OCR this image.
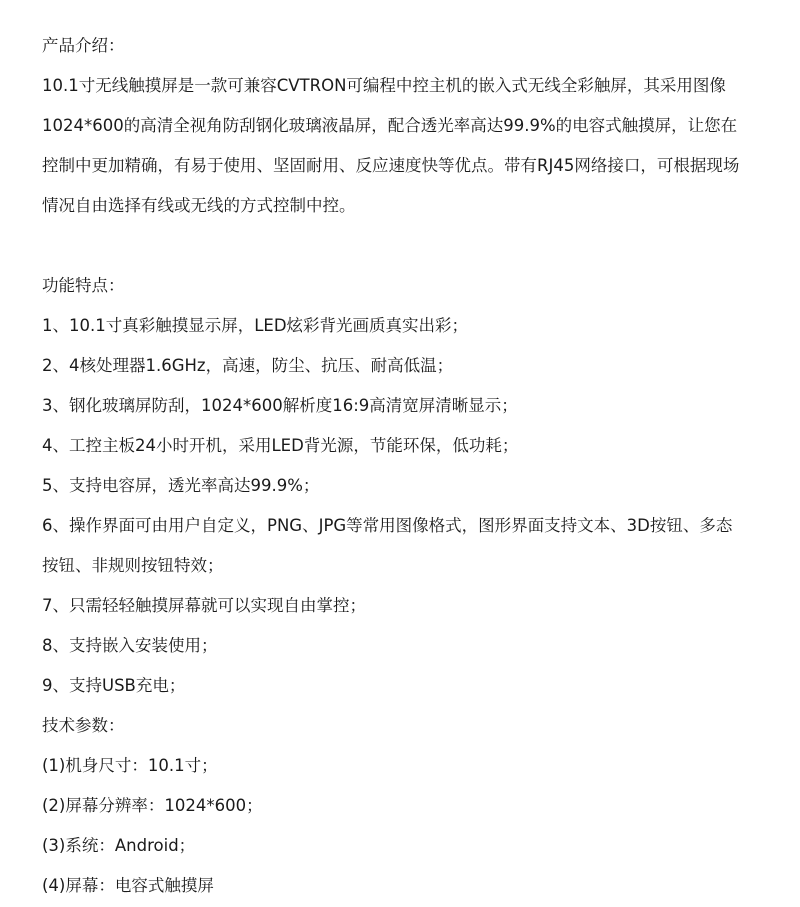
产品介绍：
10.1寸无线触摸屏是一款可兼容CVTRON可编程中控主机的嵌入式无线全彩触屏，其采用图像
1024*600的高清全视角防刮钢化玻璃液晶屏，配合透光率高达99.9%的电容式触摸屏，让您在
控制中更加精确，有易于使用、坚固耐用、反应速度快等优点。带有RJ45网络接口，可根据现场
情况自由选择有线或无线的方式控制中控。
功能特点：
1、10.1寸真彩触摸显示屏，LED炫彩背光画质真实出彩；
2、4核处理器1.6GHz，高速，防尘、抗压、耐高低温；
3、钢化玻璃屏防刮，1024*600解析度16:9高清宽屏清晰显示；
4、工控主板24小时开机，采用LED背光源，节能环保，低功耗；
5、支持电容屏，透光率高达99.9%；
6、操作界面可由用户自定义，PNG、JPG等常用图像格式，图形界面支持文本、3D按钮、多态
按钮、非规则按钮特效；
7、只需轻轻触摸屏幕就可以实现自由掌控；
8、支持嵌入安装使用；
9、支持USB充电；
技术参数：
(1)机身尺寸：10.1寸；
(2)屏幕分辨率：1024*600；
(3)系统：Android；
(4)屏幕：电容式触摸屏
